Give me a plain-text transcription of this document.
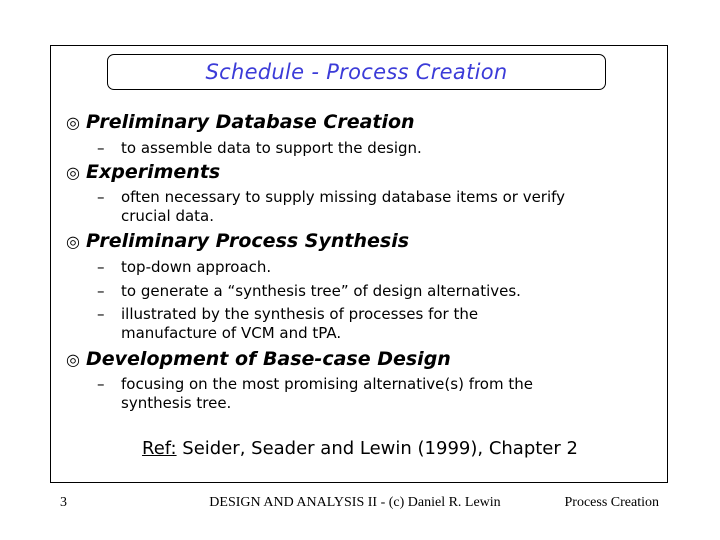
Schedule - Process Creation
◎ Preliminary Database Creation
– to assemble data to support the design.
◎ Experiments
– often necessary to supply missing database items or verify
crucial data.
◎ Preliminary Process Synthesis
– top-down approach.
– to generate a “synthesis tree” of design alternatives.
– illustrated by the synthesis of processes for the
manufacture of VCM and tPA.
◎ Development of Base-case Design
– focusing on the most promising alternative(s) from the
synthesis tree.
Ref: Seider, Seader and Lewin (1999), Chapter 2
3	DESIGN AND ANALYSIS II - (c) Daniel R. Lewin	Process Creation
